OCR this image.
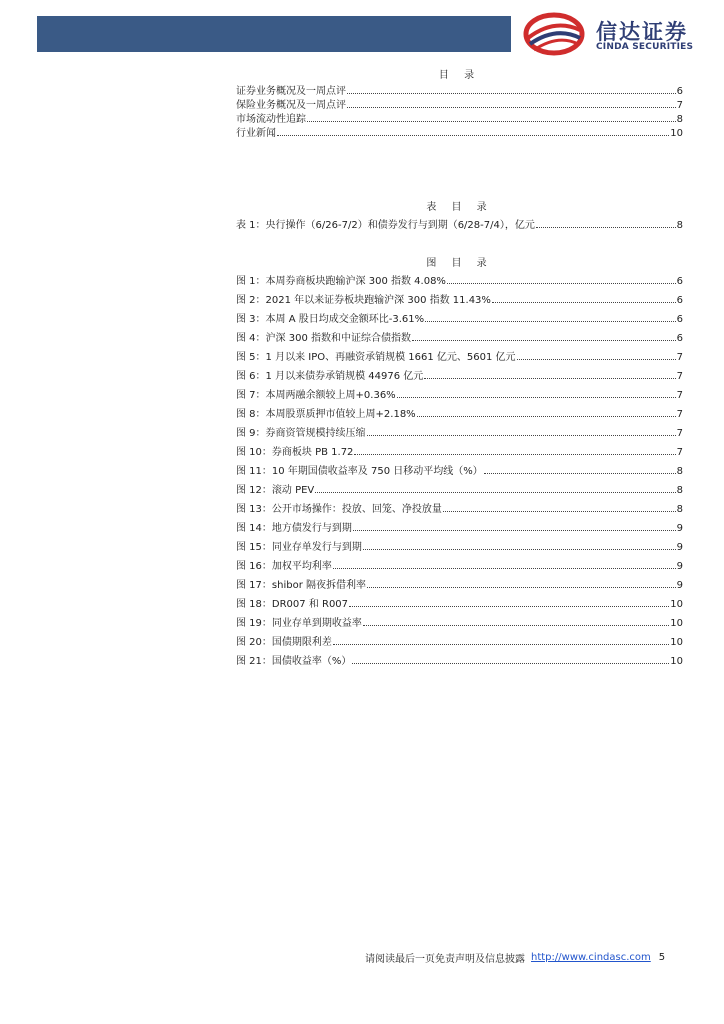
信达证券
CINDA SECURITIES
目 录
证券业务概况及一周点评	6
保险业务概况及一周点评	7
市场流动性追踪	8
行业新闻	10
表 目 录
表 1：央行操作（6/26-7/2）和债券发行与到期（6/28-7/4），亿元	8
图 目 录
图 1：本周券商板块跑输沪深 300 指数 4.08%	6
图 2：2021 年以来证券板块跑输沪深 300 指数 11.43%	6
图 3：本周 A 股日均成交金额环比-3.61%	6
图 4：沪深 300 指数和中证综合债指数	6
图 5：1 月以来 IPO、再融资承销规模 1661 亿元、5601 亿元	7
图 6：1 月以来债券承销规模 44976 亿元	7
图 7：本周两融余额较上周+0.36%	7
图 8：本周股票质押市值较上周+2.18%	7
图 9：券商资管规模持续压缩	7
图 10：券商板块 PB 1.72	7
图 11：10 年期国债收益率及 750 日移动平均线（%）	8
图 12：滚动 PEV	8
图 13：公开市场操作：投放、回笼、净投放量	8
图 14：地方债发行与到期	9
图 15：同业存单发行与到期	9
图 16：加权平均利率	9
图 17：shibor 隔夜拆借利率	9
图 18：DR007 和 R007	10
图 19：同业存单到期收益率	10
图 20：国债期限利差	10
图 21：国债收益率（%）	10
请阅读最后一页免责声明及信息披露 http://www.cindasc.com 5
